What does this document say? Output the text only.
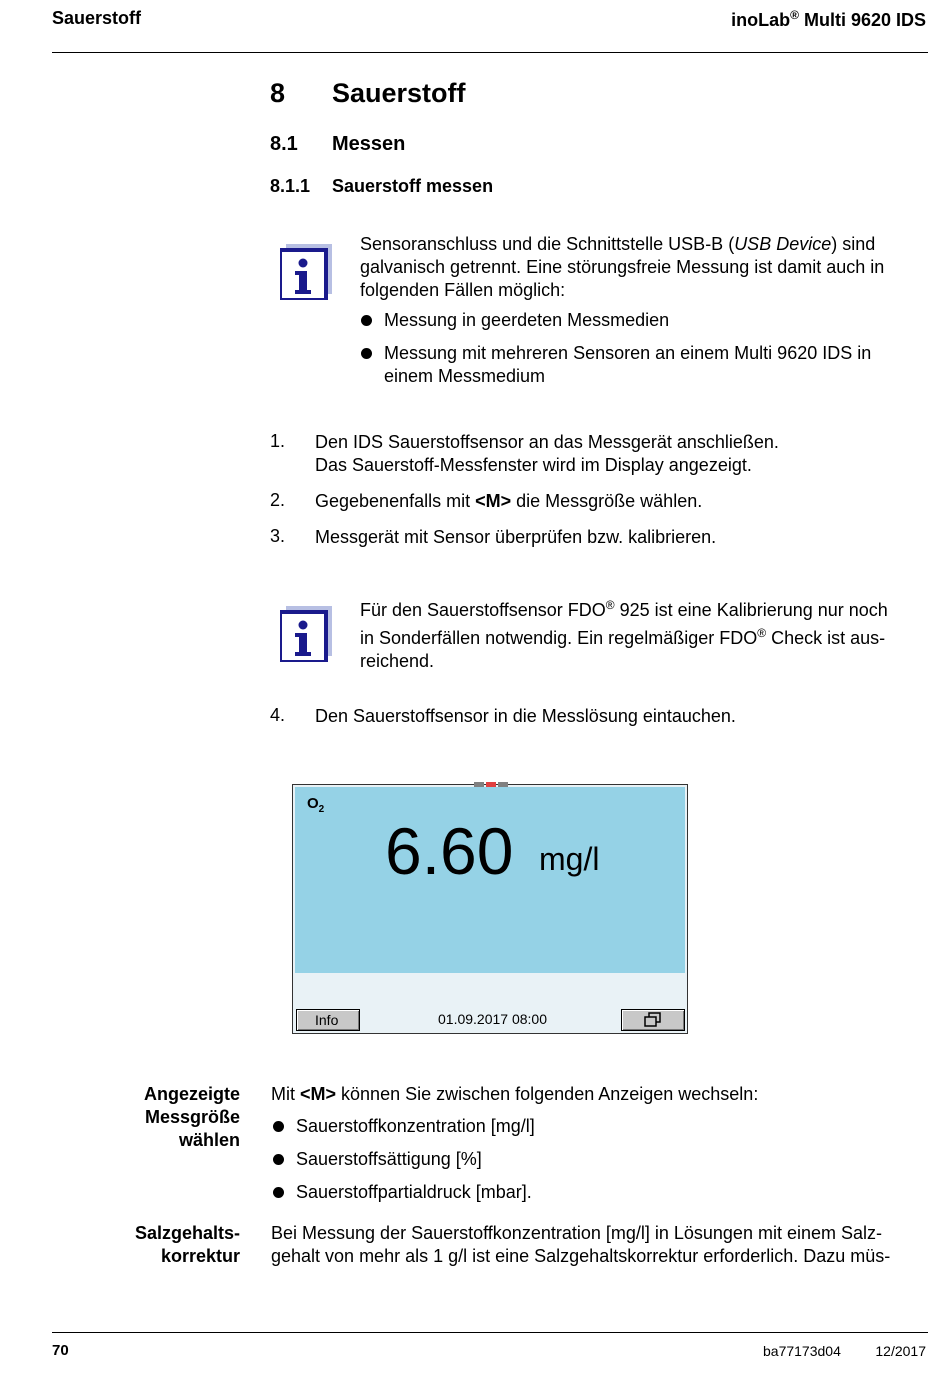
Sauerstoff	inoLab® Multi 9620 IDS
8 Sauerstoff
8.1 Messen
8.1.1 Sauerstoff messen
Sensoranschluss und die Schnittstelle USB-B (USB Device) sind
galvanisch getrennt. Eine störungsfreie Messung ist damit auch in
folgenden Fällen möglich:
Messung in geerdeten Messmedien
Messung mit mehreren Sensoren an einem Multi 9620 IDS in
einem Messmedium
1. Den IDS Sauerstoffsensor an das Messgerät anschließen.
Das Sauerstoff-Messfenster wird im Display angezeigt.
2. Gegebenenfalls mit <M> die Messgröße wählen.
3. Messgerät mit Sensor überprüfen bzw. kalibrieren.
Für den Sauerstoffsensor FDO® 925 ist eine Kalibrierung nur noch
in Sonderfällen notwendig. Ein regelmäßiger FDO® Check ist aus-
reichend.
4. Den Sauerstoffsensor in die Messlösung eintauchen.
$O_2$
6.60 mg/l
Info	01.09.2017 08:00
Angezeigte
Messgröße
wählen
Mit <M> können Sie zwischen folgenden Anzeigen wechseln:
Sauerstoffkonzentration [mg/l]
Sauerstoffsättigung [%]
Sauerstoffpartialdruck [mbar].
Salzgehalts-
korrektur
Bei Messung der Sauerstoffkonzentration [mg/l] in Lösungen mit einem Salz-
gehalt von mehr als 1 g/l ist eine Salzgehaltskorrektur erforderlich. Dazu müs-
70	ba77173d04 12/2017
